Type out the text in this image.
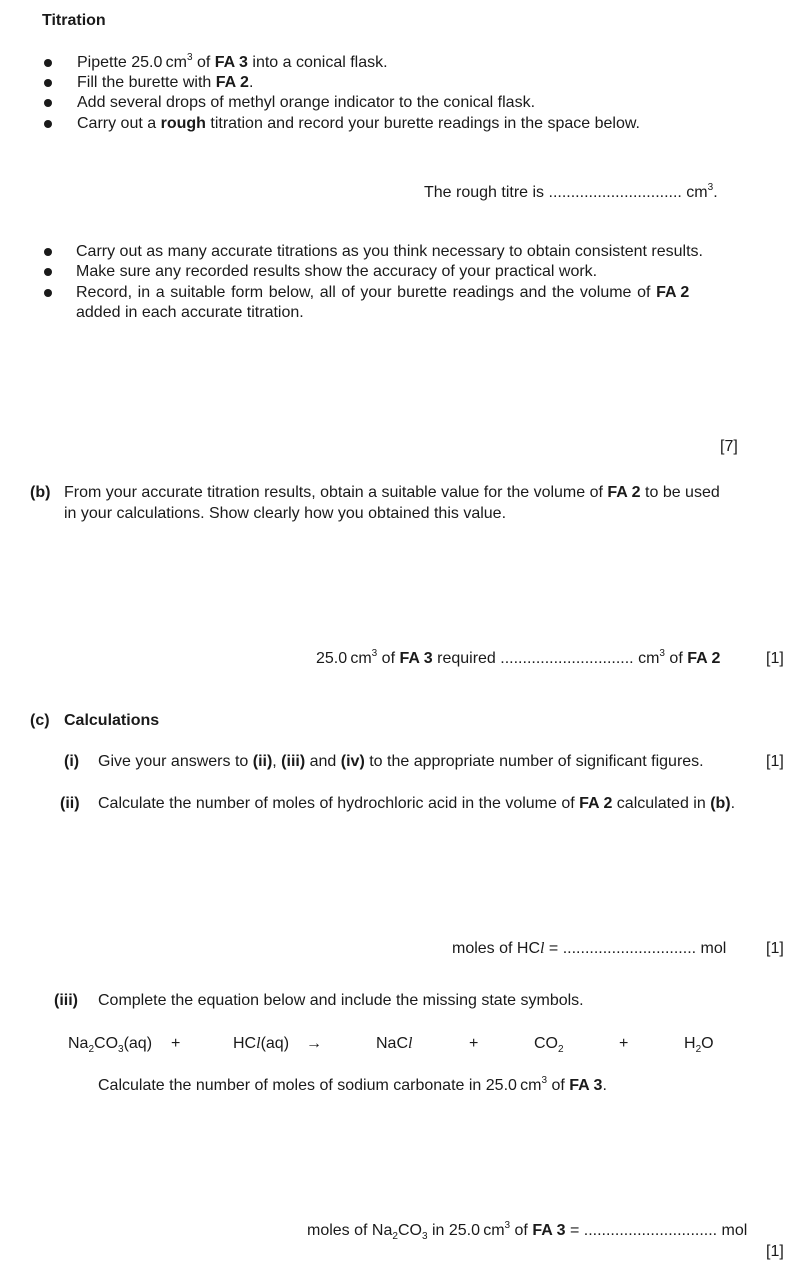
Titration
Pipette 25.0 $cm^3$ of FA 3 into a conical flask.
Fill the burette with FA 2.
Add several drops of methyl orange indicator to the conical flask.
Carry out a rough titration and record your burette readings in the space below.
The rough titre is .............................. $cm^3$.
Carry out as many accurate titrations as you think necessary to obtain consistent results.
Make sure any recorded results show the accuracy of your practical work.
Record, in a suitable form below, all of your burette readings and the volume of FA 2
added in each accurate titration.
[7]
(b) From your accurate titration results, obtain a suitable value for the volume of FA 2 to be used
in your calculations. Show clearly how you obtained this value.
25.0 $cm^3$ of FA 3 required .............................. $cm^3$ of FA 2	[1]
(c) Calculations
(i) Give your answers to (ii), (iii) and (iv) to the appropriate number of significant figures.	[1]
(ii) Calculate the number of moles of hydrochloric acid in the volume of FA 2 calculated in (b).
moles of HCl = .............................. mol [1]
(iii) Complete the equation below and include the missing state symbols.
$Na_2CO_3(aq)$ +	HCl(aq) →	NaCl	+	$CO_2$	+	$H_2O$
Calculate the number of moles of sodium carbonate in 25.0 $cm^3$ of FA 3.
moles of $Na_2CO_3$ in 25.0 $cm^3$ of FA 3 = .............................. mol
[1]
